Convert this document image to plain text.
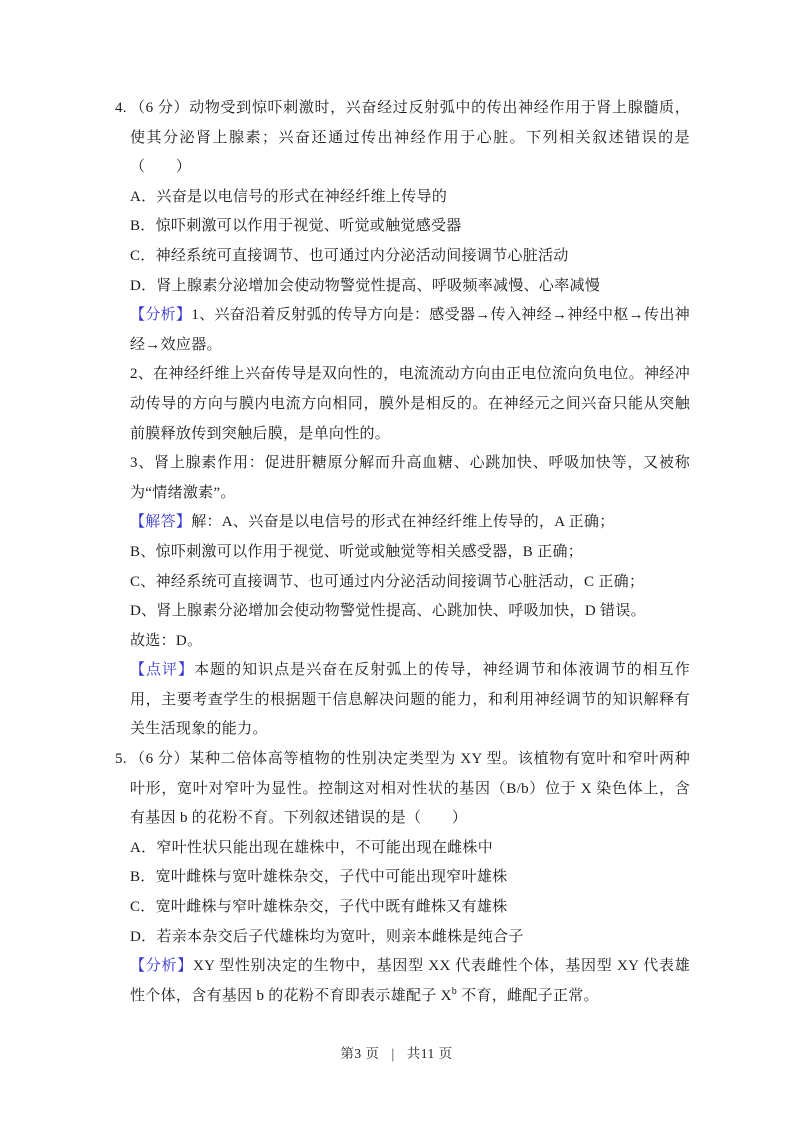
4. （6 分）动物受到惊吓刺激时，兴奋经过反射弧中的传出神经作用于肾上腺髓质，使其分泌肾上腺素；兴奋还通过传出神经作用于心脏。下列相关叙述错误的是（　　）

A．兴奋是以电信号的形式在神经纤维上传导的

B．惊吓刺激可以作用于视觉、听觉或触觉感受器

C．神经系统可直接调节、也可通过内分泌活动间接调节心脏活动

D．肾上腺素分泌增加会使动物警觉性提高、呼吸频率减慢、心率减慢

【分析】1、兴奋沿着反射弧的传导方向是：感受器→传入神经→神经中枢→传出神经→效应器。

2、在神经纤维上兴奋传导是双向性的，电流流动方向由正电位流向负电位。神经冲动传导的方向与膜内电流方向相同，膜外是相反的。在神经元之间兴奋只能从突触前膜释放传到突触后膜，是单向性的。

3、肾上腺素作用：促进肝糖原分解而升高血糖、心跳加快、呼吸加快等，又被称为“情绪激素”。

【解答】解：A、兴奋是以电信号的形式在神经纤维上传导的，A 正确；

B、惊吓刺激可以作用于视觉、听觉或触觉等相关感受器，B 正确；

C、神经系统可直接调节、也可通过内分泌活动间接调节心脏活动，C 正确；

D、肾上腺素分泌增加会使动物警觉性提高、心跳加快、呼吸加快，D 错误。

故选：D。

【点评】本题的知识点是兴奋在反射弧上的传导，神经调节和体液调节的相互作用，主要考查学生的根据题干信息解决问题的能力，和利用神经调节的知识解释有关生活现象的能力。

5. （6 分）某种二倍体高等植物的性别决定类型为 XY 型。该植物有宽叶和窄叶两种叶形，宽叶对窄叶为显性。控制这对相对性状的基因（B/b）位于 X 染色体上，含有基因 b 的花粉不育。下列叙述错误的是（　　）

A．窄叶性状只能出现在雄株中，不可能出现在雌株中

B．宽叶雌株与宽叶雄株杂交，子代中可能出现窄叶雄株

C．宽叶雌株与窄叶雄株杂交，子代中既有雌株又有雄株

D．若亲本杂交后子代雄株均为宽叶，则亲本雌株是纯合子

【分析】XY 型性别决定的生物中，基因型 XX 代表雌性个体，基因型 XY 代表雄性个体，含有基因 b 的花粉不育即表示雄配子 $X^b$ 不育，雌配子正常。

第3 页 | 共11 页
